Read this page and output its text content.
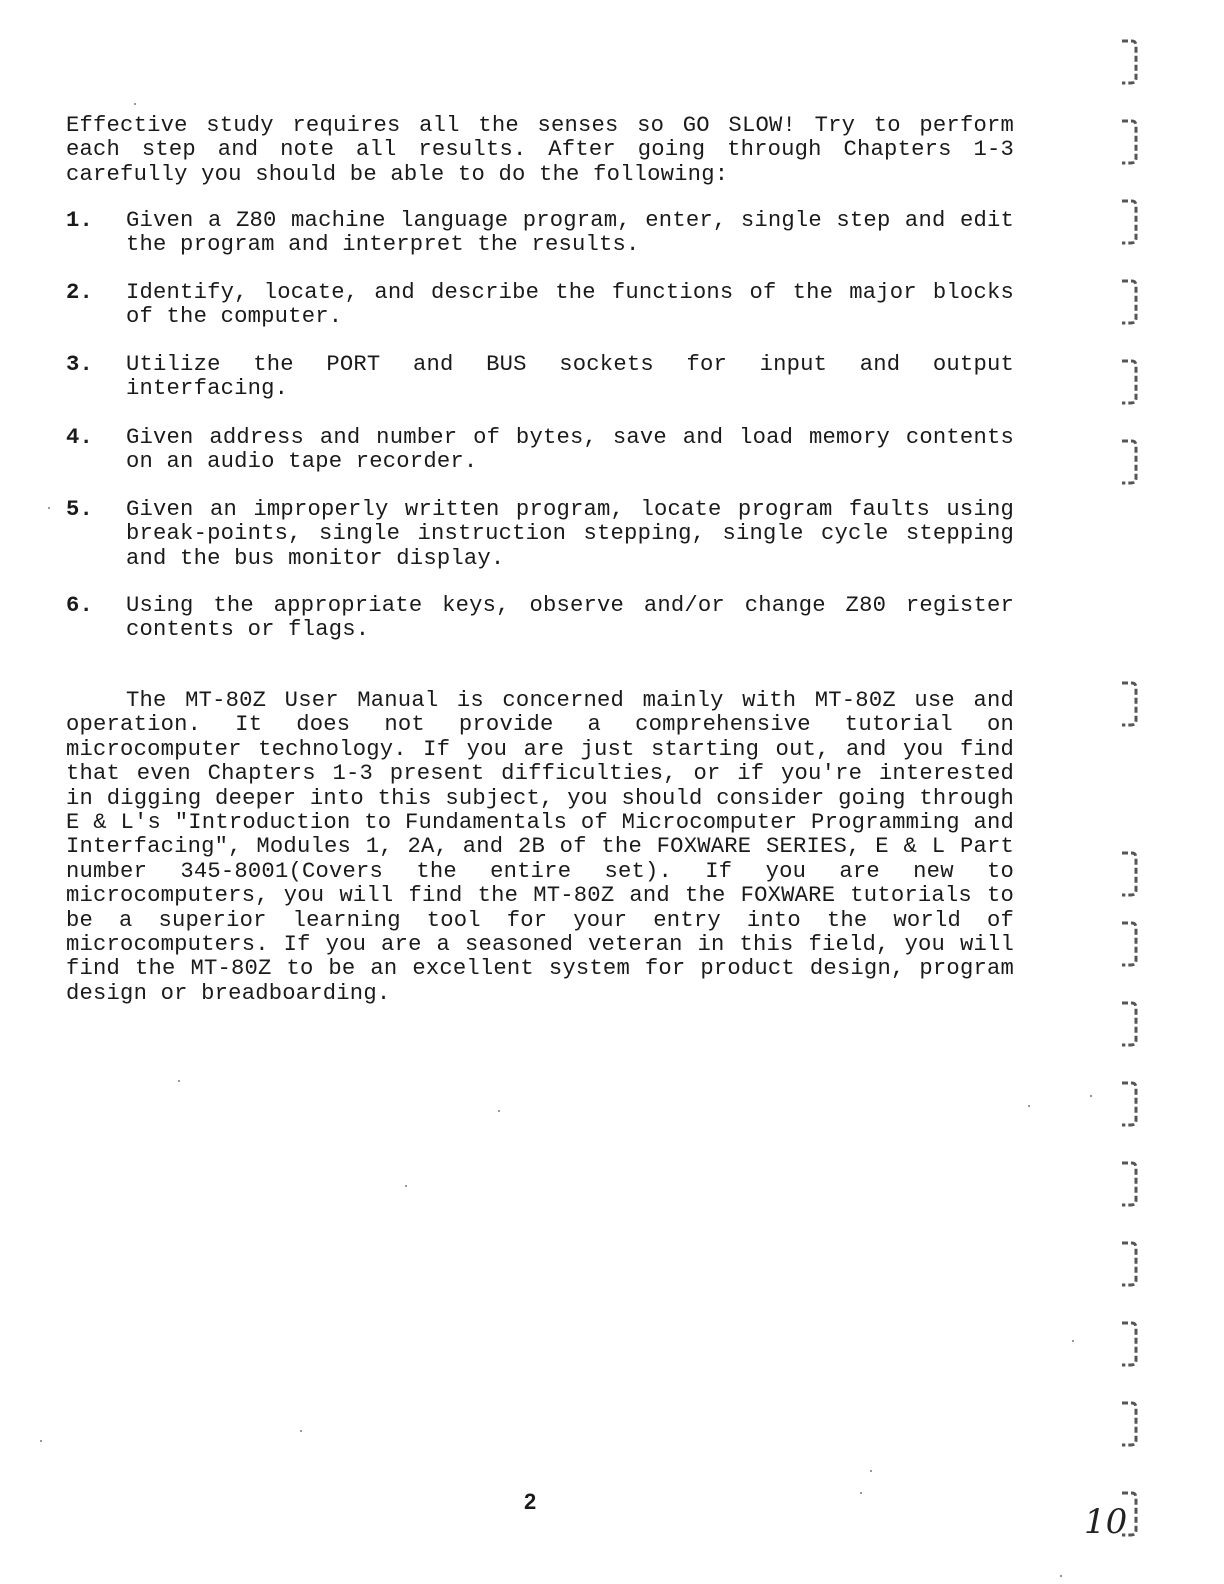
Effective study requires all the senses so GO SLOW! Try to perform each step and note all results. After going through Chapters 1-3 carefully you should be able to do the following:
1. Given a Z80 machine language program, enter, single step and edit the program and interpret the results.
2. Identify, locate, and describe the functions of the major blocks of the computer.
3. Utilize the PORT and BUS sockets for input and output interfacing.
4. Given address and number of bytes, save and load memory contents on an audio tape recorder.
5. Given an improperly written program, locate program faults using break-points, single instruction stepping, single cycle stepping and the bus monitor display.
6. Using the appropriate keys, observe and/or change Z80 register contents or flags.
The MT-80Z User Manual is concerned mainly with MT-80Z use and operation. It does not provide a comprehensive tutorial on microcomputer technology. If you are just starting out, and you find that even Chapters 1-3 present difficulties, or if you're interested in digging deeper into this subject, you should consider going through E & L's "Introduction to Fundamentals of Microcomputer Programming and Interfacing", Modules 1, 2A, and 2B of the FOXWARE SERIES, E & L Part number 345-8001(Covers the entire set). If you are new to microcomputers, you will find the MT-80Z and the FOXWARE tutorials to be a superior learning tool for your entry into the world of microcomputers. If you are a seasoned veteran in this field, you will find the MT-80Z to be an excellent system for product design, program design or breadboarding.
2
10
